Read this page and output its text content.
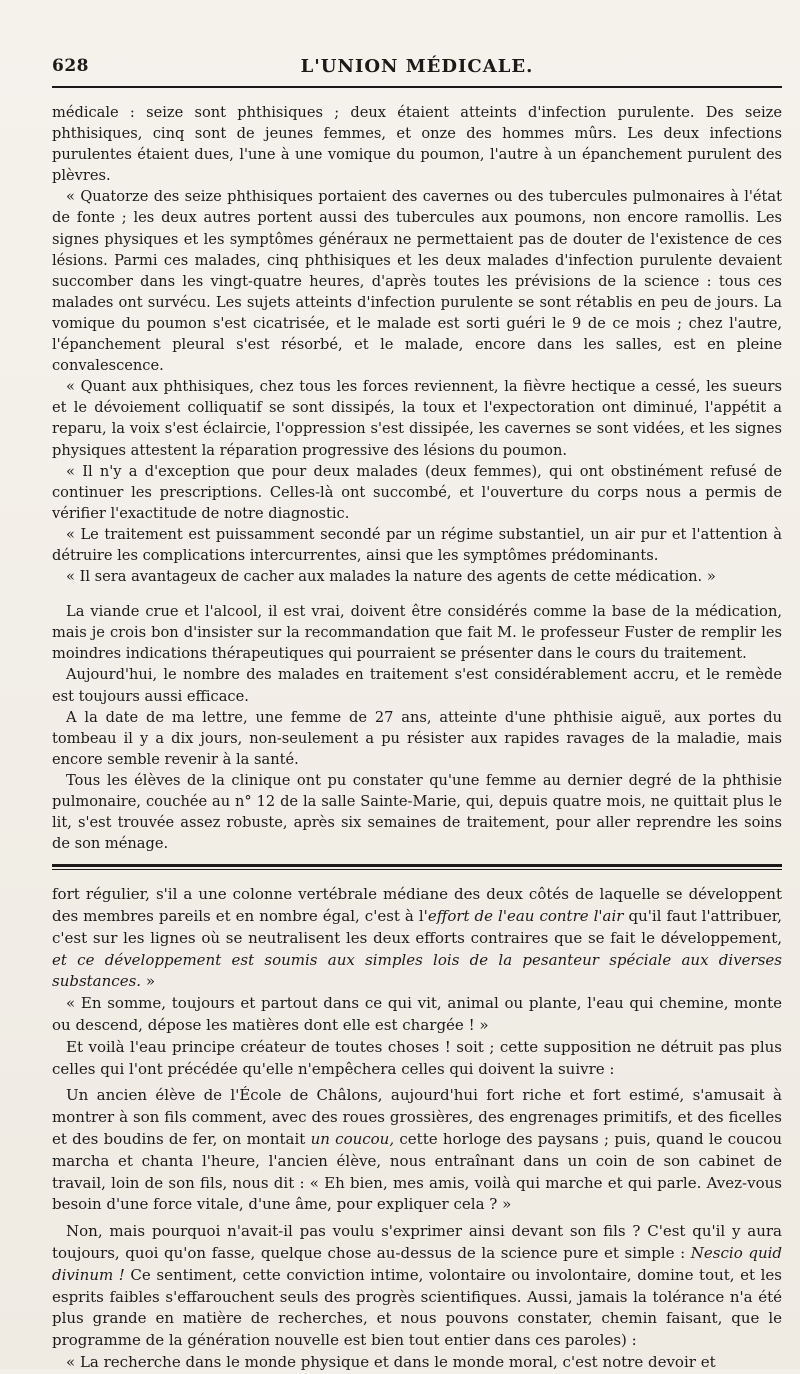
628	L'UNION MÉDICALE.

médicale : seize sont phthisiques ; deux étaient atteints d'infection purulente. Des seize phthisiques, cinq sont de jeunes femmes, et onze des hommes mûrs. Les deux infections purulentes étaient dues, l'une à une vomique du poumon, l'autre à un épanchement purulent des plèvres.

« Quatorze des seize phthisiques portaient des cavernes ou des tubercules pulmonaires à l'état de fonte ; les deux autres portent aussi des tubercules aux poumons, non encore ramollis. Les signes physiques et les symptômes généraux ne permettaient pas de douter de l'existence de ces lésions. Parmi ces malades, cinq phthisiques et les deux malades d'infection purulente devaient succomber dans les vingt-quatre heures, d'après toutes les prévisions de la science : tous ces malades ont survécu. Les sujets atteints d'infection purulente se sont rétablis en peu de jours. La vomique du poumon s'est cicatrisée, et le malade est sorti guéri le 9 de ce mois ; chez l'autre, l'épanchement pleural s'est résorbé, et le malade, encore dans les salles, est en pleine convalescence.

« Quant aux phthisiques, chez tous les forces reviennent, la fièvre hectique a cessé, les sueurs et le dévoiement colliquatif se sont dissipés, la toux et l'expectoration ont diminué, l'appétit a reparu, la voix s'est éclaircie, l'oppression s'est dissipée, les cavernes se sont vidées, et les signes physiques attestent la réparation progressive des lésions du poumon.

« Il n'y a d'exception que pour deux malades (deux femmes), qui ont obstinément refusé de continuer les prescriptions. Celles-là ont succombé, et l'ouverture du corps nous a permis de vérifier l'exactitude de notre diagnostic.

« Le traitement est puissamment secondé par un régime substantiel, un air pur et l'attention à détruire les complications intercurrentes, ainsi que les symptômes prédominants.

« Il sera avantageux de cacher aux malades la nature des agents de cette médication. »

La viande crue et l'alcool, il est vrai, doivent être considérés comme la base de la médication, mais je crois bon d'insister sur la recommandation que fait M. le professeur Fuster de remplir les moindres indications thérapeutiques qui pourraient se présenter dans le cours du traitement.

Aujourd'hui, le nombre des malades en traitement s'est considérablement accru, et le remède est toujours aussi efficace.

A la date de ma lettre, une femme de 27 ans, atteinte d'une phthisie aiguë, aux portes du tombeau il y a dix jours, non-seulement a pu résister aux rapides ravages de la maladie, mais encore semble revenir à la santé.

Tous les élèves de la clinique ont pu constater qu'une femme au dernier degré de la phthisie pulmonaire, couchée au n° 12 de la salle Sainte-Marie, qui, depuis quatre mois, ne quittait plus le lit, s'est trouvée assez robuste, après six semaines de traitement, pour aller reprendre les soins de son ménage.

fort régulier, s'il a une colonne vertébrale médiane des deux côtés de laquelle se développent des membres pareils et en nombre égal, c'est à l'effort de l'eau contre l'air qu'il faut l'attribuer, c'est sur les lignes où se neutralisent les deux efforts contraires que se fait le développement, et ce développement est soumis aux simples lois de la pesanteur spéciale aux diverses substances. »

« En somme, toujours et partout dans ce qui vit, animal ou plante, l'eau qui chemine, monte ou descend, dépose les matières dont elle est chargée ! »

Et voilà l'eau principe créateur de toutes choses ! soit ; cette supposition ne détruit pas plus celles qui l'ont précédée qu'elle n'empêchera celles qui doivent la suivre :

Un ancien élève de l'École de Châlons, aujourd'hui fort riche et fort estimé, s'amusait à montrer à son fils comment, avec des roues grossières, des engrenages primitifs, et des ficelles et des boudins de fer, on montait un coucou, cette horloge des paysans ; puis, quand le coucou marcha et chanta l'heure, l'ancien élève, nous entraînant dans un coin de son cabinet de travail, loin de son fils, nous dit : « Eh bien, mes amis, voilà qui marche et qui parle. Avez-vous besoin d'une force vitale, d'une âme, pour expliquer cela ? »

Non, mais pourquoi n'avait-il pas voulu s'exprimer ainsi devant son fils ? C'est qu'il y aura toujours, quoi qu'on fasse, quelque chose au-dessus de la science pure et simple : Nescio quid divinum ! Ce sentiment, cette conviction intime, volontaire ou involontaire, domine tout, et les esprits faibles s'effarouchent seuls des progrès scientifiques. Aussi, jamais la tolérance n'a été plus grande en matière de recherches, et nous pouvons constater, chemin faisant, que le programme de la génération nouvelle est bien tout entier dans ces paroles) :

« La recherche dans le monde physique et dans le monde moral, c'est notre devoir et
